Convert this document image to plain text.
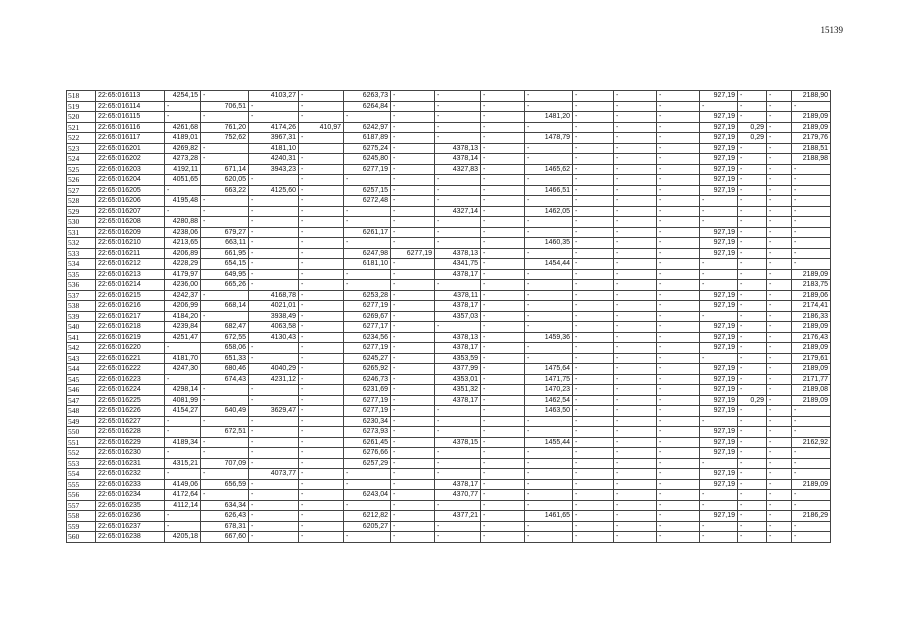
15139
518	22:65:016113	4254,15	-	4103,27	-	6263,73	-	-	-	-	-	-	-	927,19	-	-	2188,90
519	22:65:016114	-	706,51	-	-	6264,84	-	-	-	-	-	-	-	-	-	-	-
520	22:65:016115	-	-	-	-	-	-	-	-	1481,20	-	-	-	927,19	-	-	2189,09
521	22:65:016116	4261,68	761,20	4174,26	410,97	6242,97	-	-	-	-	-	-	-	927,19	0,29	-	2189,09
522	22:65:016117	4189,01	752,62	3967,31	-	6187,89	-	-	-	1478,79	-	-	-	927,19	0,29	-	2179,76
523	22:65:016201	4269,82	-	4181,10		6275,24	-	4378,13	-	-	-	-	-	927,19	-	-	2188,51
524	22:65:016202	4273,28	-	4240,31	-	6245,80	-	4378,14	-	-	-	-	-	927,19	-	-	2188,98
525	22:65:016203	4192,11	671,14	3943,23	-	6277,19	-	4327,83	-	1465,62	-	-	-	927,19	-	-	-
526	22:65:016204	4051,65	620,05	-	-	-	-	-	-	-	-	-	-	927,19	-	-	-
527	22:65:016205	-	663,22	4125,60	-	6257,15	-	-	-	1466,51	-	-	-	927,19	-	-	-
528	22:65:016206	4195,48	-	-	-	6272,48	-	-	-	-	-	-	-	-	-	-	-
529	22:65:016207	-	-	-	-	-	-	4327,14	-	1462,05	-	-	-	-	-	-	-
530	22:65:016208	4280,88	-	-	-	-	-	-	-	-	-	-	-	-	-	-	-
531	22:65:016209	4238,06	679,27	-	-	6261,17	-	-	-	-	-	-	-	927,19	-	-	-
532	22:65:016210	4213,65	663,11	-	-	-	-	-	-	1460,35	-	-	-	927,19	-	-	-
533	22:65:016211	4206,89	661,95	-	-	6247,98	6277,19	4378,13	-	-	-	-	-	927,19	-	-	-
534	22:65:016212	4228,29	654,15	-	-	6181,10	-	4341,75	-	1454,44	-	-	-	-	-	-	-
535	22:65:016213	4179,97	649,95	-	-	-	-	4378,17	-	-	-	-	-	-	-	-	2189,09
536	22:65:016214	4236,00	665,26	-	-	-	-	-	-	-	-	-	-	-	-	-	2183,75
537	22:65:016215	4242,37	-	4168,78	-	6253,28	-	4378,11	-	-	-	-	-	927,19	-	-	2189,06
538	22:65:016216	4206,99	668,14	4021,01	-	6277,19	-	4378,17	-	-	-	-	-	927,19	-	-	2174,41
539	22:65:016217	4184,20	-	3938,49	-	6269,67	-	4357,03	-	-	-	-	-	-	-	-	2186,33
540	22:65:016218	4239,84	682,47	4063,58	-	6277,17	-	-	-	-	-	-	-	927,19	-	-	2189,09
541	22:65:016219	4251,47	672,55	4130,43	-	6234,56	-	4378,13	-	1459,36	-	-	-	927,19	-	-	2176,43
542	22:65:016220	-	658,06	-	-	6277,19	-	4378,17	-	-	-	-	-	927,19	-	-	2189,09
543	22:65:016221	4181,70	651,33	-	-	6245,27	-	4353,59	-	-	-	-	-	-	-	-	2179,61
544	22:65:016222	4247,30	680,46	4040,29	-	6265,92	-	4377,99	-	1475,64	-	-	-	927,19	-	-	2189,09
545	22:65:016223	-	674,43	4231,12	-	6246,73	-	4353,01	-	1471,75	-	-	-	927,19	-	-	2171,77
546	22:65:016224	4298,14	-	-	-	6231,69	-	4351,32	-	1470,23	-	-	-	927,19	-	-	2189,08
547	22:65:016225	4081,99	-	-	-	6277,19	-	4378,17	-	1462,54	-	-	-	927,19	0,29	-	2189,09
548	22:65:016226	4154,27	640,49	3629,47	-	6277,19	-	-	-	1463,50	-	-	-	927,19	-	-	-
549	22:65:016227	-	-	-	-	6230,34	-	-	-	-	-	-	-	-	-	-	-
550	22:65:016228	-	672,51	-	-	6273,93	-	-	-	-	-	-	-	927,19	-	-	-
551	22:65:016229	4189,34	-	-	-	6261,45	-	4378,15	-	1455,44	-	-	-	927,19	-	-	2162,92
552	22:65:016230	-	-	-	-	6276,66	-	-	-	-	-	-	-	927,19	-	-	-
553	22:65:016231	4315,21	707,09	-	-	6257,29	-	-	-	-	-	-	-	-	-	-	-
554	22:65:016232	-	-	4073,77	-	-	-	-	-	-	-	-	-	927,19	-	-	-
555	22:65:016233	4149,06	656,59	-	-	-	-	4378,17	-	-	-	-	-	927,19	-	-	2189,09
556	22:65:016234	4172,64	-	-	-	6243,04	-	4370,77	-	-	-	-	-	-	-	-	-
557	22:65:016235	4112,14	634,34	-	-	-	-	-	-	-	-	-	-	-	-	-	-
558	22:65:016236	-	626,43	-	-	6212,82	-	4377,21	-	1461,65	-	-	-	927,19	-	-	2186,29
559	22:65:016237	-	678,31	-	-	6205,27	-	-	-	-	-	-	-	-	-	-	-
560	22:65:016238	4205,18	667,60	-	-	-	-	-	-	-	-	-	-	-	-	-	-
